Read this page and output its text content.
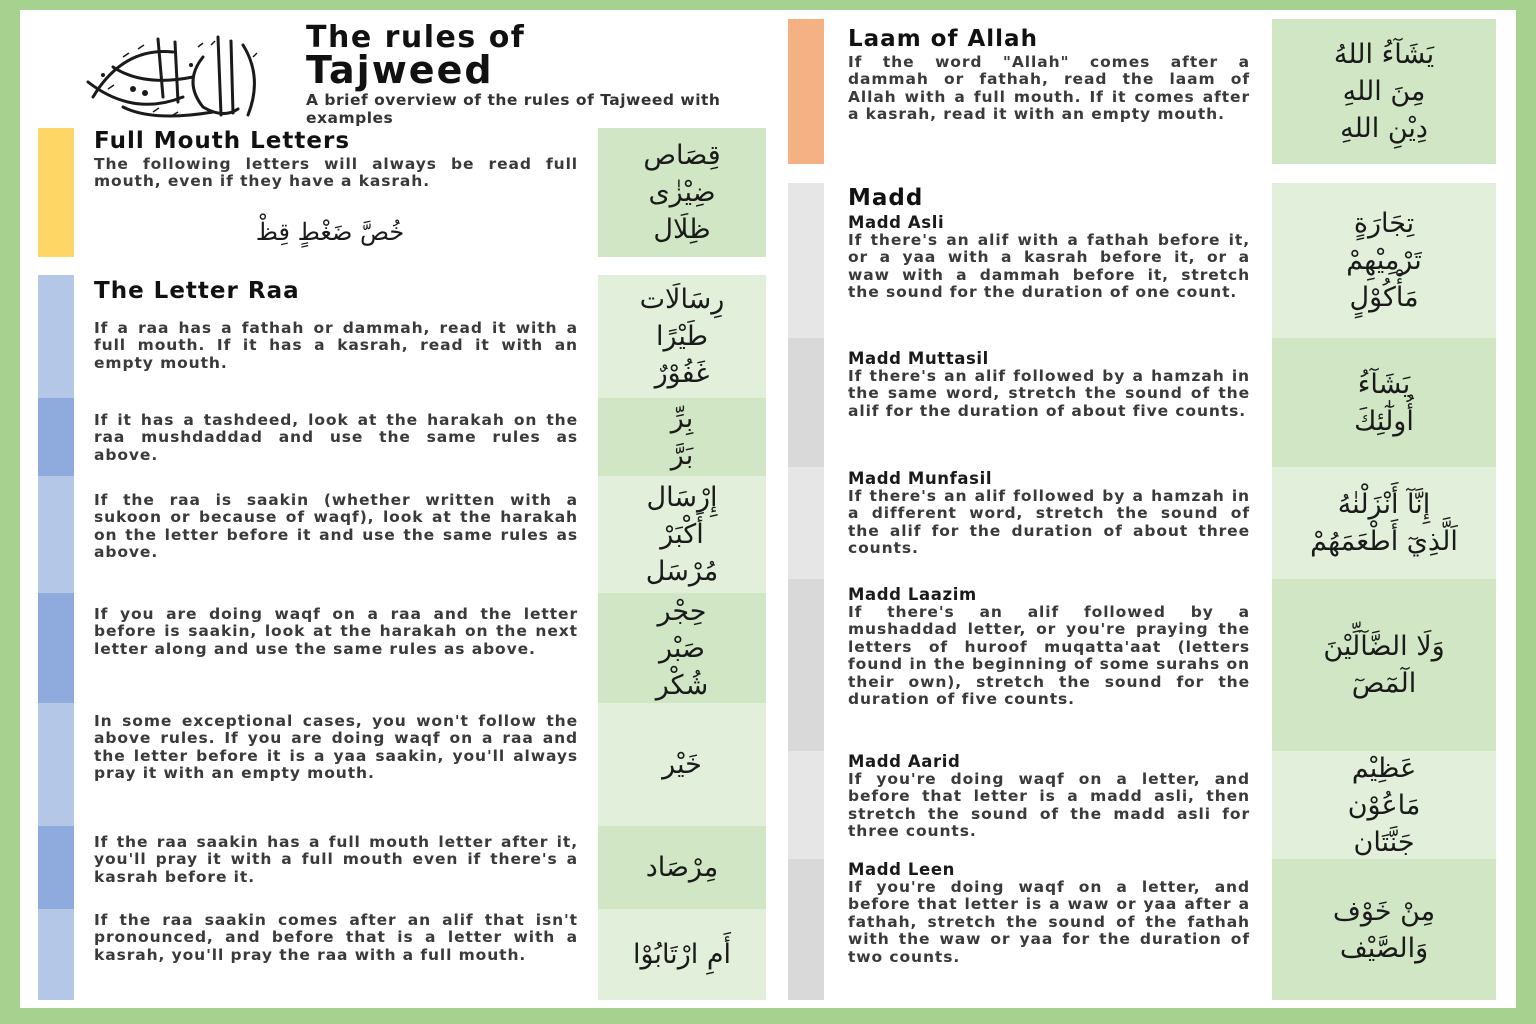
The rules of
Tajweed
A brief overview of the rules of Tajweed with examples
Full Mouth Letters
The following letters will always be read full mouth, even if they have a kasrah.
خُصَّ ضَغْطٍ قِظْ
قِصَاص
ضِيْزٰى
ظِلَال
The Letter Raa
If a raa has a fathah or dammah, read it with a full mouth. If it has a kasrah, read it with an empty mouth.
رِسَالَات
طَيْرًا
غَفُوْرٌ
If it has a tashdeed, look at the harakah on the raa mushdaddad and use the same rules as above.
بِرِّ
بَرَّ
If the raa is saakin (whether written with a sukoon or because of waqf), look at the harakah on the letter before it and use the same rules as above.
إِرْسَال
أَكْبَرْ
مُرْسَل
If you are doing waqf on a raa and the letter before is saakin, look at the harakah on the next letter along and use the same rules as above.
حِجْر
صَبْر
شُكْر
In some exceptional cases, you won't follow the above rules. If you are doing waqf on a raa and the letter before it is a yaa saakin, you'll always pray it with an empty mouth.	خَيْر
If the raa saakin has a full mouth letter after it, you'll pray it with a full mouth even if there's a kasrah before it.	مِرْصَاد
If the raa saakin comes after an alif that isn't pronounced, and before that is a letter with a kasrah, you'll pray the raa with a full mouth.	أَمِ ارْتَابُوْا
Laam of Allah
If the word "Allah" comes after a dammah or fathah, read the laam of Allah with a full mouth. If it comes after a kasrah, read it with an empty mouth.
يَشَآءُ اللهُ
مِنَ اللهِ
دِيْنِ اللهِ
Madd
Madd Asli
If there's an alif with a fathah before it, or a yaa with a kasrah before it, or a waw with a dammah before it, stretch the sound for the duration of one count.
تِجَارَةٍ
تَرْمِيْهِمْ
مَأْكُوْلٍ
Madd Muttasil
If there's an alif followed by a hamzah in the same word, stretch the sound of the alif for the duration of about five counts.
يَشَآءُ
أُولٰٓئِكَ
Madd Munfasil
If there's an alif followed by a hamzah in a different word, stretch the sound of the alif for the duration of about three counts.
إِنَّآ أَنْزَلْنٰهُ
اَلَّذِيٓ أَطْعَمَهُمْ
Madd Laazim
If there's an alif followed by a mushaddad letter, or you're praying the letters of huroof muqatta'aat (letters found in the beginning of some surahs on their own), stretch the sound for the duration of five counts.
وَلَا الضَّآلِّيْنَ
الٓمٓصٓ
Madd Aarid
If you're doing waqf on a letter, and before that letter is a madd asli, then stretch the sound of the madd asli for three counts.
عَظِيْم
مَاعُوْن
جَنَّتَان
Madd Leen
If you're doing waqf on a letter, and before that letter is a waw or yaa after a fathah, stretch the sound of the fathah with the waw or yaa for the duration of two counts.
مِنْ خَوْف
وَالصَّيْف
